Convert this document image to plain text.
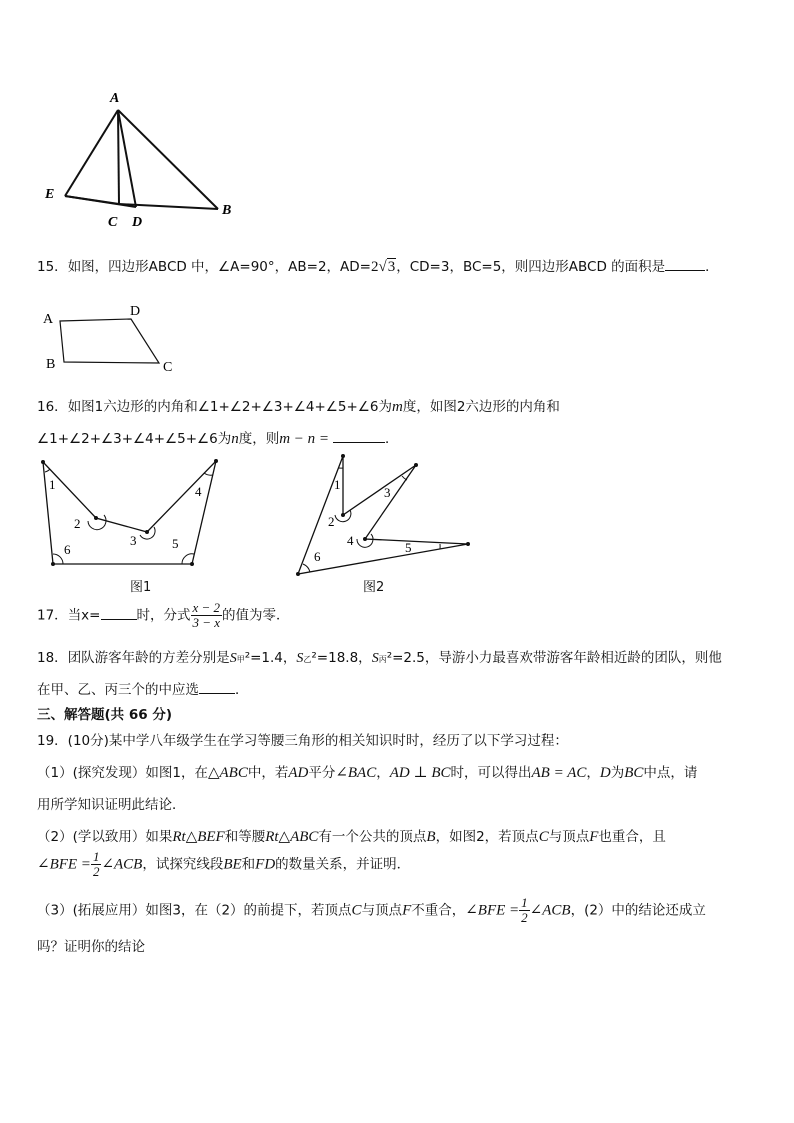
A
E
C D
B
15．如图，四边形ABCD 中，∠A=90°，AB=2，AD=2√3，CD=3，BC=5，则四边形ABCD 的面积是	．
A
D
B	C
16．如图1六边形的内角和∠1+∠2+∠3+∠4+∠5+∠6为m度，如图2六边形的内角和
∠1+∠2+∠3+∠4+∠5+∠6为n度，则m − n =	．
1
2
3
4
5
6
图1
1
2
3
4	5
6
图2
17．当x=	时，分式 $\frac{x - 2}{3 - x}$ 的值为零．
18．团队游客年龄的方差分别是S甲²=1.4，S乙²=18.8，S丙²=2.5，导游小力最喜欢带游客年龄相近龄的团队，则他
在甲、乙、丙三个的中应选	．
三、解答题(共 66 分)
19．(10分)某中学八年级学生在学习等腰三角形的相关知识时时，经历了以下学习过程：
（1）(探究发现）如图1，在△ABC中，若AD平分∠BAC，AD ⊥ BC时，可以得出AB = AC，D为BC中点，请
用所学知识证明此结论．
（2）(学以致用）如果Rt△BEF和等腰Rt△ABC有一个公共的顶点B，如图2，若顶点C与顶点F也重合，且
∠BFE = $\frac{1}{2}$ ∠ACB，试探究线段BE和FD的数量关系，并证明．
（3）(拓展应用）如图3，在（2）的前提下，若顶点C与顶点F不重合，∠BFE = $\frac{1}{2}$ ∠ACB，(2）中的结论还成立
吗？证明你的结论
